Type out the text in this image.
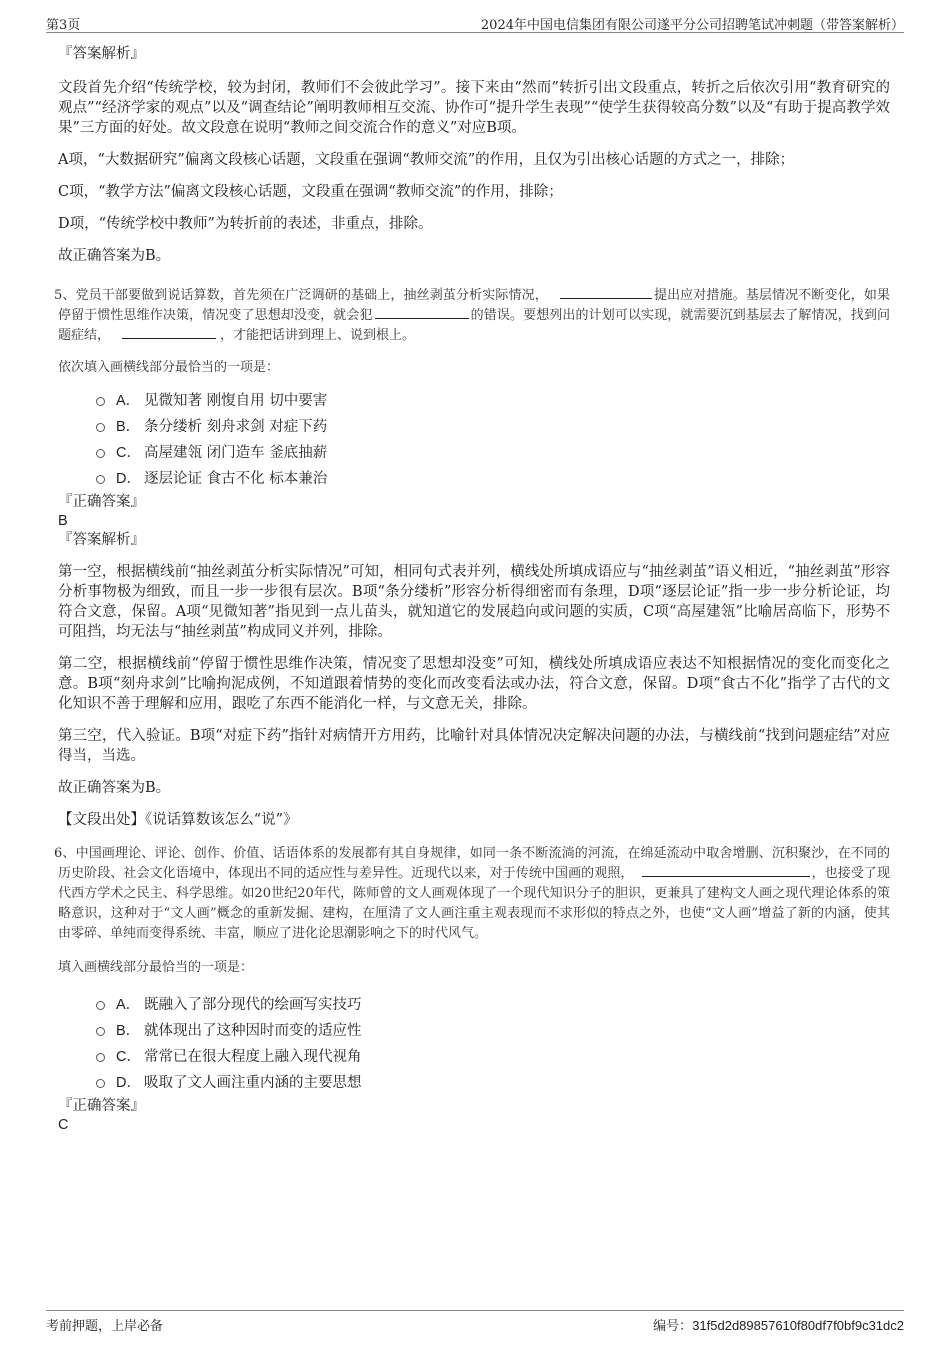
第3页	2024年中国电信集团有限公司遂平分公司招聘笔试冲刺题（带答案解析）

『答案解析』

文段首先介绍“传统学校，较为封闭，教师们不会彼此学习”。接下来由“然而”转折引出文段重点，转折之后依次引用“教育研究的观点”“经济学家的观点”以及“调查结论”阐明教师相互交流、协作可“提升学生表现”“使学生获得较高分数”以及“有助于提高教学效果”三方面的好处。故文段意在说明“教师之间交流合作的意义”对应B项。

A项，“大数据研究”偏离文段核心话题，文段重在强调“教师交流”的作用，且仅为引出核心话题的方式之一，排除；

C项，“教学方法”偏离文段核心话题，文段重在强调“教师交流”的作用，排除；

D项，“传统学校中教师”为转折前的表述，非重点，排除。

故正确答案为B。

5、党员干部要做到说话算数，首先须在广泛调研的基础上，抽丝剥茧分析实际情况，	提出应对措施。基层情况不断变化，如果停留于惯性思维作决策，情况变了思想却没变，就会犯	的错误。要想列出的计划可以实现，就需要沉到基层去了解情况，找到问题症结，	，才能把话讲到理上、说到根上。

依次填入画横线部分最恰当的一项是：

A． 见微知著 刚愎自用 切中要害
B． 条分缕析 刻舟求剑 对症下药
C． 高屋建瓴 闭门造车 釜底抽薪
D． 逐层论证 食古不化 标本兼治

『正确答案』

B

『答案解析』

第一空，根据横线前“抽丝剥茧分析实际情况”可知，相同句式表并列，横线处所填成语应与“抽丝剥茧”语义相近，“抽丝剥茧”形容分析事物极为细致，而且一步一步很有层次。B项“条分缕析”形容分析得细密而有条理，D项“逐层论证”指一步一步分析论证，均符合文意，保留。A项“见微知著”指见到一点儿苗头，就知道它的发展趋向或问题的实质，C项“高屋建瓴”比喻居高临下，形势不可阻挡，均无法与“抽丝剥茧”构成同义并列，排除。

第二空，根据横线前“停留于惯性思维作决策，情况变了思想却没变”可知，横线处所填成语应表达不知根据情况的变化而变化之意。B项“刻舟求剑”比喻拘泥成例，不知道跟着情势的变化而改变看法或办法，符合文意，保留。D项“食古不化”指学了古代的文化知识不善于理解和应用，跟吃了东西不能消化一样，与文意无关，排除。

第三空，代入验证。B项“对症下药”指针对病情开方用药，比喻针对具体情况决定解决问题的办法，与横线前“找到问题症结”对应得当，当选。

故正确答案为B。

【文段出处】《说话算数该怎么“说”》

6、中国画理论、评论、创作、价值、话语体系的发展都有其自身规律，如同一条不断流淌的河流，在绵延流动中取舍增删、沉积聚沙，在不同的历史阶段、社会文化语境中，体现出不同的适应性与差异性。近现代以来，对于传统中国画的观照，	，也接受了现代西方学术之民主、科学思维。如20世纪20年代，陈师曾的文人画观体现了一个现代知识分子的胆识，更兼具了建构文人画之现代理论体系的策略意识，这种对于“文人画”概念的重新发掘、建构，在厘清了文人画注重主观表现而不求形似的特点之外，也使“文人画”增益了新的内涵，使其由零碎、单纯而变得系统、丰富，顺应了进化论思潮影响之下的时代风气。

填入画横线部分最恰当的一项是：

A． 既融入了部分现代的绘画写实技巧
B． 就体现出了这种因时而变的适应性
C． 常常已在很大程度上融入现代视角
D． 吸取了文人画注重内涵的主要思想

『正确答案』

C

考前押题，上岸必备	编号：31f5d2d89857610f80df7f0bf9c31dc2
